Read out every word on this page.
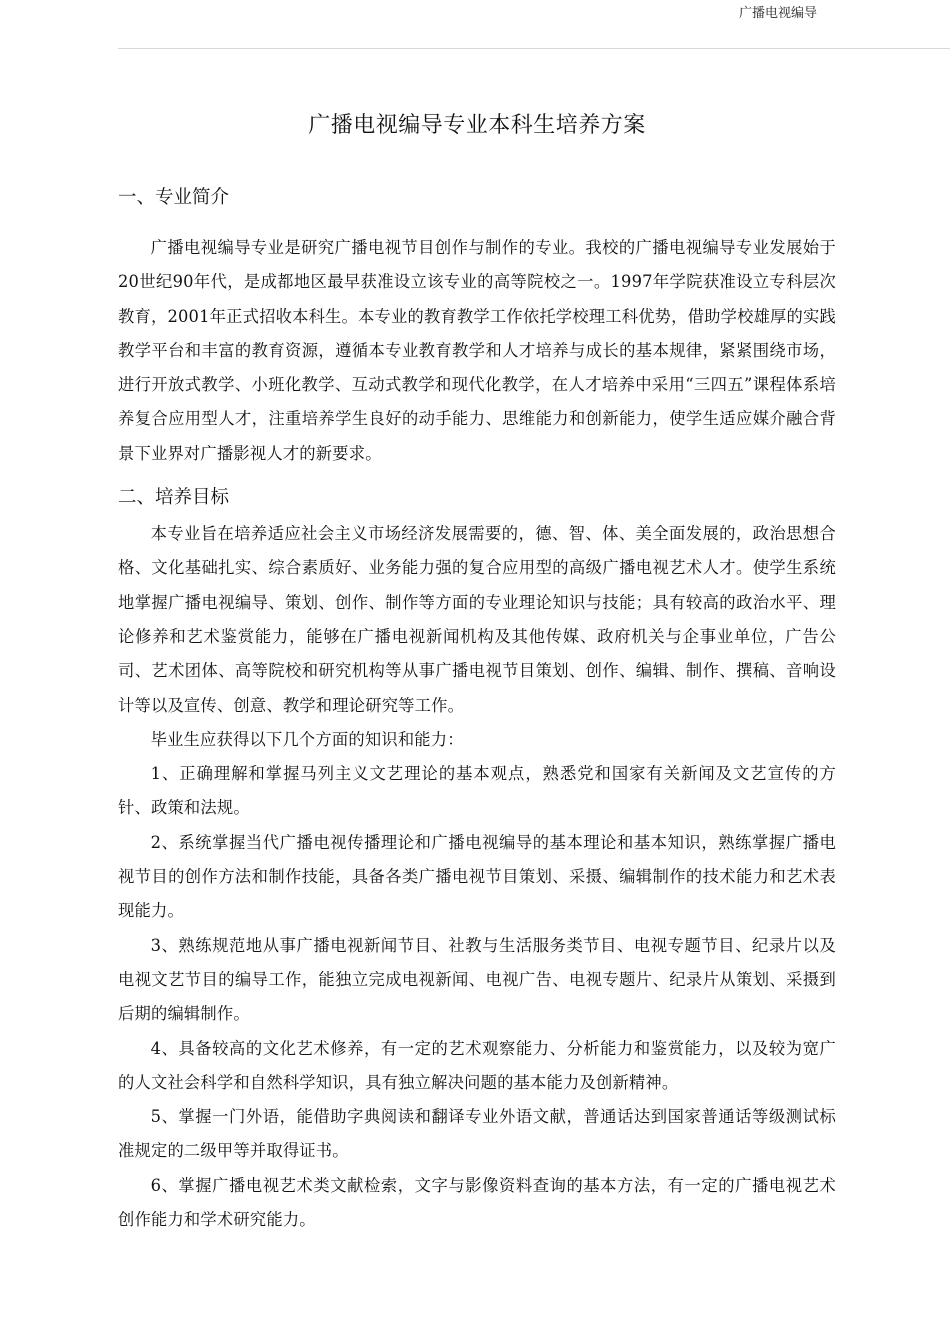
广播电视编导
广播电视编导专业本科生培养方案
一、专业简介

广播电视编导专业是研究广播电视节目创作与制作的专业。我校的广播电视编导专业发展始于20世纪90年代，是成都地区最早获准设立该专业的高等院校之一。1997年学院获准设立专科层次教育，2001年正式招收本科生。本专业的教育教学工作依托学校理工科优势，借助学校雄厚的实践教学平台和丰富的教育资源，遵循本专业教育教学和人才培养与成长的基本规律，紧紧围绕市场，进行开放式教学、小班化教学、互动式教学和现代化教学，在人才培养中采用“三四五”课程体系培养复合应用型人才，注重培养学生良好的动手能力、思维能力和创新能力，使学生适应媒介融合背景下业界对广播影视人才的新要求。

二、培养目标

本专业旨在培养适应社会主义市场经济发展需要的，德、智、体、美全面发展的，政治思想合格、文化基础扎实、综合素质好、业务能力强的复合应用型的高级广播电视艺术人才。使学生系统地掌握广播电视编导、策划、创作、制作等方面的专业理论知识与技能；具有较高的政治水平、理论修养和艺术鉴赏能力，能够在广播电视新闻机构及其他传媒、政府机关与企事业单位，广告公司、艺术团体、高等院校和研究机构等从事广播电视节目策划、创作、编辑、制作、撰稿、音响设计等以及宣传、创意、教学和理论研究等工作。

毕业生应获得以下几个方面的知识和能力：

1、正确理解和掌握马列主义文艺理论的基本观点，熟悉党和国家有关新闻及文艺宣传的方针、政策和法规。

2、系统掌握当代广播电视传播理论和广播电视编导的基本理论和基本知识，熟练掌握广播电视节目的创作方法和制作技能，具备各类广播电视节目策划、采摄、编辑制作的技术能力和艺术表现能力。

3、熟练规范地从事广播电视新闻节目、社教与生活服务类节目、电视专题节目、纪录片以及电视文艺节目的编导工作，能独立完成电视新闻、电视广告、电视专题片、纪录片从策划、采摄到后期的编辑制作。

4、具备较高的文化艺术修养，有一定的艺术观察能力、分析能力和鉴赏能力，以及较为宽广的人文社会科学和自然科学知识，具有独立解决问题的基本能力及创新精神。

5、掌握一门外语，能借助字典阅读和翻译专业外语文献，普通话达到国家普通话等级测试标准规定的二级甲等并取得证书。

6、掌握广播电视艺术类文献检索，文字与影像资料查询的基本方法，有一定的广播电视艺术创作能力和学术研究能力。
